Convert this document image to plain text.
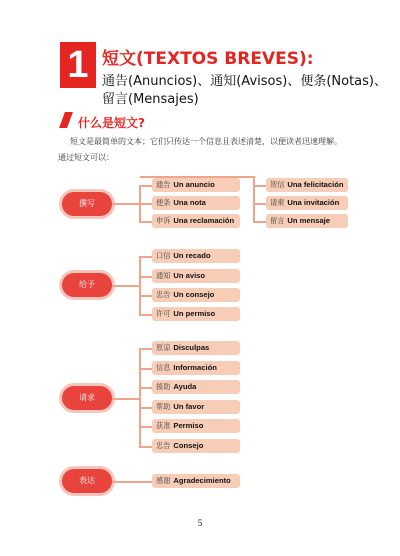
1 短文(TEXTOS BREVES):
通告(Anuncios)、通知(Avisos)、便条(Notas)、
留言(Mensajes)
什么是短文?
短文是最简单的文本；它们只传达一个信息且表述清楚，以便读者迅速理解。
通过短文可以：
撰写
通告 Un anuncio
便条 Una nota
申诉 Una reclamación
贺信 Una felicitación
请柬 Una invitación
留言 Un mensaje
给予
口信 Un recado
通知 Un aviso
忠告 Un consejo
许可 Un permiso
请求
原谅 Disculpas
信息 Información
援助 Ayuda
帮助 Un favor
获准 Permiso
忠告 Consejo
表达	感谢 Agradecimiento
5
